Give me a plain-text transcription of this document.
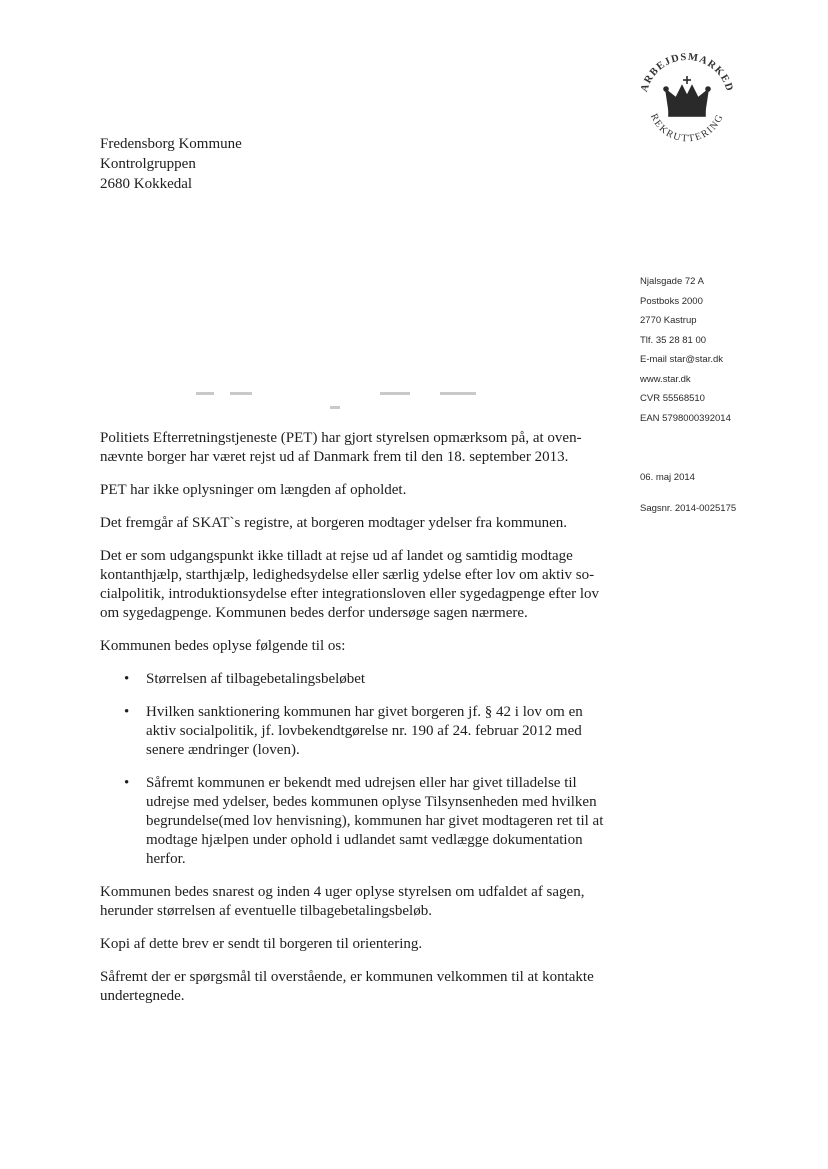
ARBEJDSMARKED
REKRUTTERING
Fredensborg Kommune
Kontrolgruppen
2680 Kokkedal
Njalsgade 72 A
Postboks 2000
2770 Kastrup
Tlf. 35 28 81 00
E-mail star@star.dk
www.star.dk
CVR 55568510
EAN 5798000392014
06. maj 2014
Sagsnr. 2014-0025175

Politiets Efterretningstjeneste (PET) har gjort styrelsen opmærksom på, at oven-nævnte borger har været rejst ud af Danmark frem til den 18. september 2013.

PET har ikke oplysninger om længden af opholdet.

Det fremgår af SKAT`s registre, at borgeren modtager ydelser fra kommunen.

Det er som udgangspunkt ikke tilladt at rejse ud af landet og samtidig modtage kontanthjælp, starthjælp, ledighedsydelse eller særlig ydelse efter lov om aktiv so-cialpolitik, introduktionsydelse efter integrationsloven eller sygedagpenge efter lov om sygedagpenge. Kommunen bedes derfor undersøge sagen nærmere.

Kommunen bedes oplyse følgende til os:

• Størrelsen af tilbagebetalingsbeløbet
• Hvilken sanktionering kommunen har givet borgeren jf. § 42 i lov om en aktiv socialpolitik, jf. lovbekendtgørelse nr. 190 af 24. februar 2012 med senere ændringer (loven).
• Såfremt kommunen er bekendt med udrejsen eller har givet tilladelse til udrejse med ydelser, bedes kommunen oplyse Tilsynsenheden med hvilken begrundelse(med lov henvisning), kommunen har givet modtageren ret til at modtage hjælpen under ophold i udlandet samt vedlægge dokumentation herfor.

Kommunen bedes snarest og inden 4 uger oplyse styrelsen om udfaldet af sagen, herunder størrelsen af eventuelle tilbagebetalingsbeløb.

Kopi af dette brev er sendt til borgeren til orientering.

Såfremt der er spørgsmål til overstående, er kommunen velkommen til at kontakte undertegnede.
